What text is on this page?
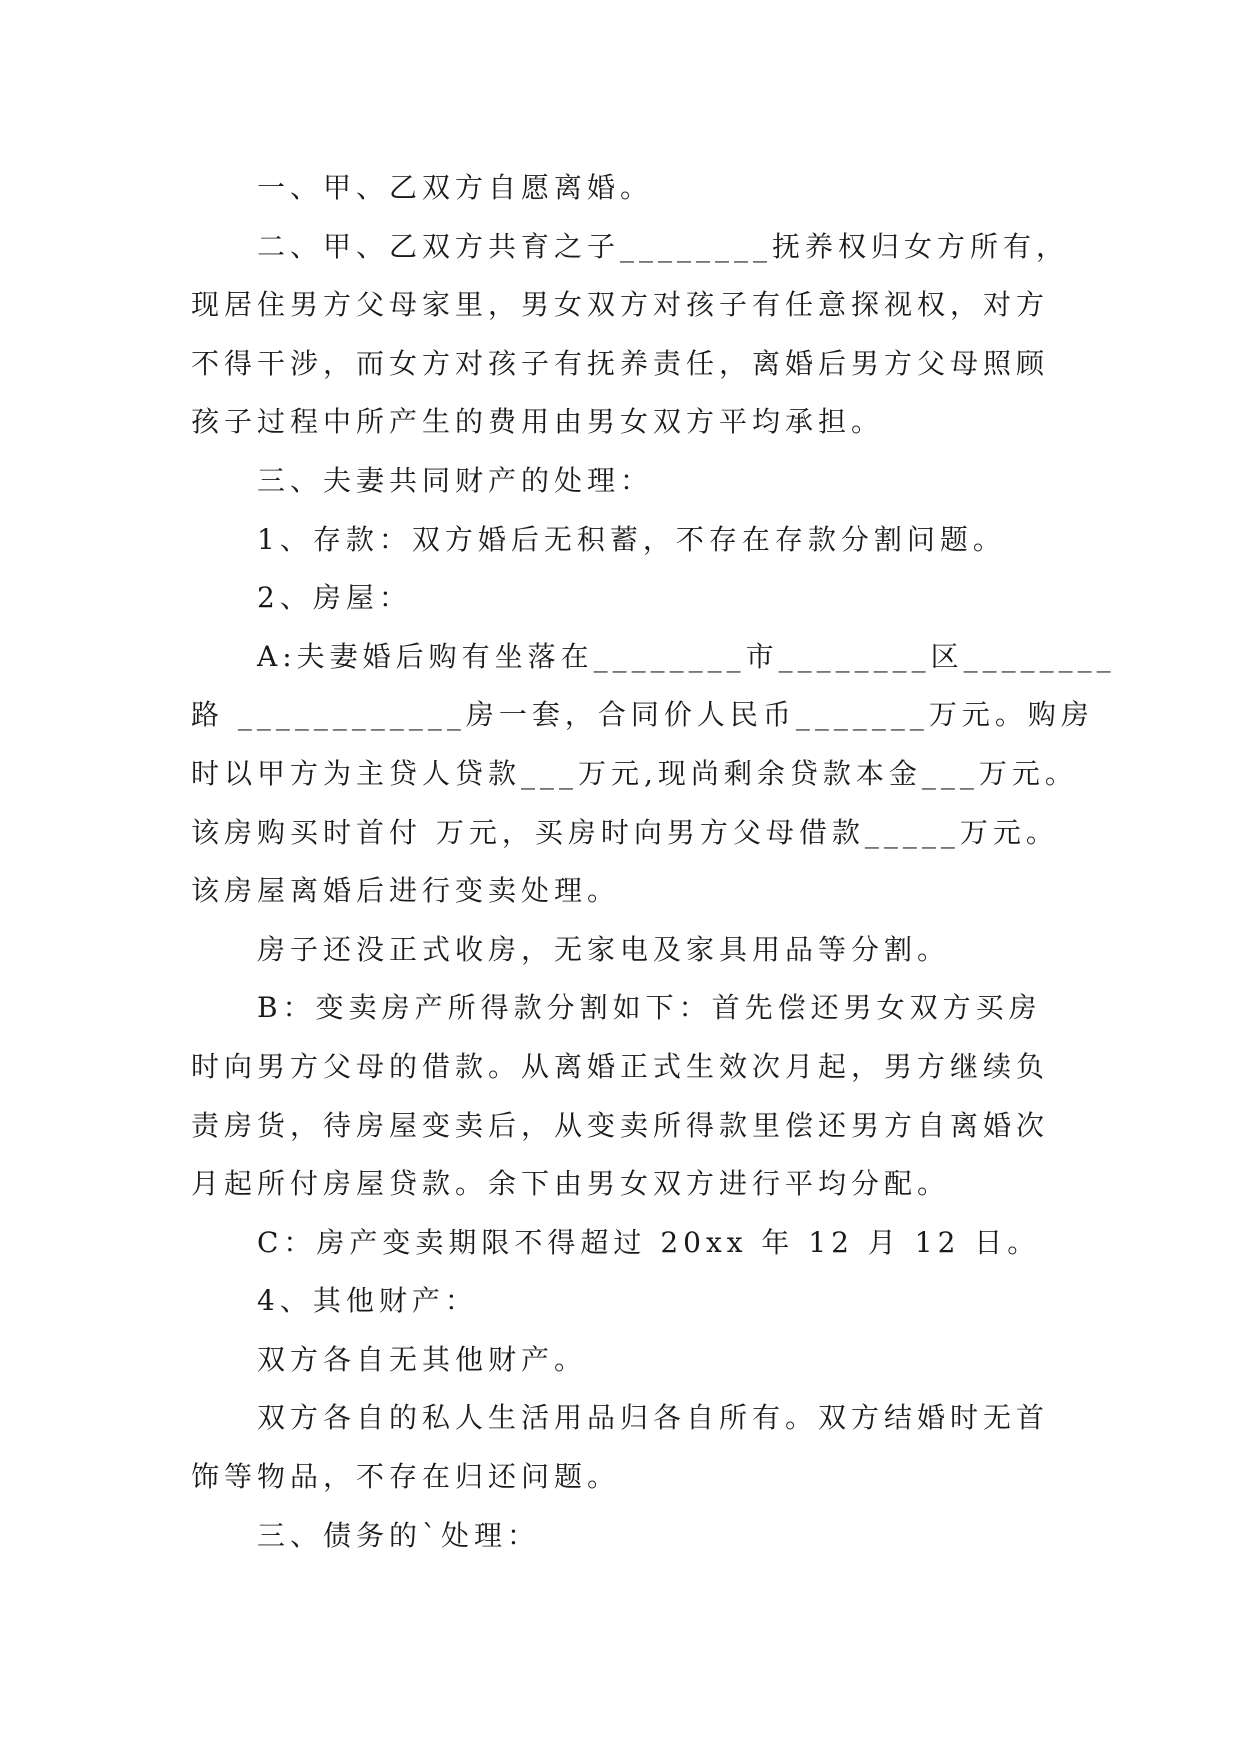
一、甲、乙双方自愿离婚。
二、甲、乙双方共育之子________抚养权归女方所有，
现居住男方父母家里，男女双方对孩子有任意探视权，对方
不得干涉，而女方对孩子有抚养责任，离婚后男方父母照顾
孩子过程中所产生的费用由男女双方平均承担。
三、夫妻共同财产的处理：
1、存款：双方婚后无积蓄，不存在存款分割问题。
2、房屋：
A:夫妻婚后购有坐落在________市________区________
路 ____________房一套，合同价人民币_______万元。购房
时以甲方为主贷人贷款___万元,现尚剩余贷款本金___万元。
该房购买时首付 万元，买房时向男方父母借款_____万元。
该房屋离婚后进行变卖处理。
房子还没正式收房，无家电及家具用品等分割。
B：变卖房产所得款分割如下：首先偿还男女双方买房
时向男方父母的借款。从离婚正式生效次月起，男方继续负
责房货，待房屋变卖后，从变卖所得款里偿还男方自离婚次
月起所付房屋贷款。余下由男女双方进行平均分配。
C：房产变卖期限不得超过 20xx 年 12 月 12 日。
4、其他财产：
双方各自无其他财产。
双方各自的私人生活用品归各自所有。双方结婚时无首
饰等物品，不存在归还问题。
三、债务的`处理：
